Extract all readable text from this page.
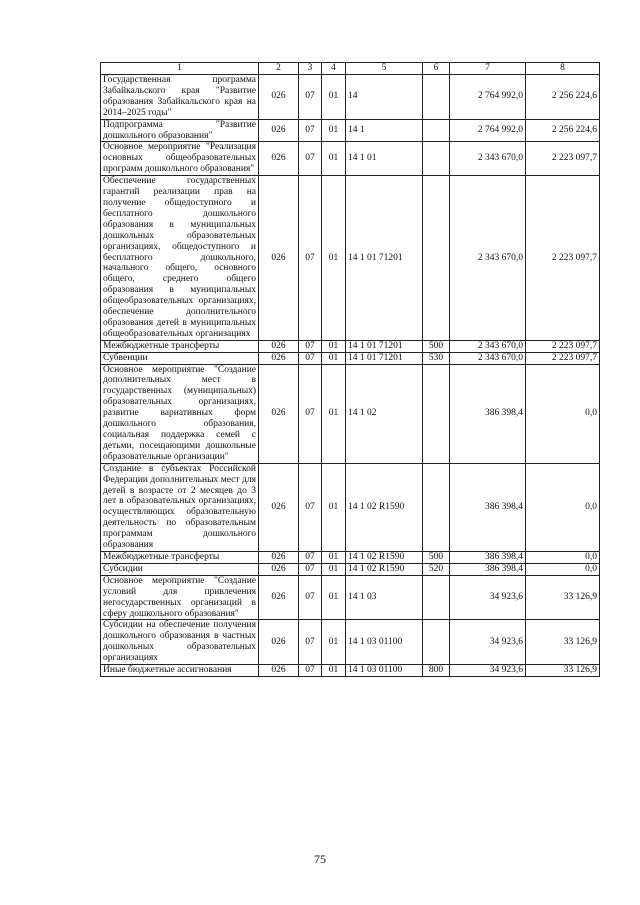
1	2	3	4	5	6	7	8
Государственная программа Забайкальского края "Развитие образования Забайкальского края на 2014–2025 годы"	026	07	01	14		2 764 992,0	2 256 224,6
Подпрограмма "Развитие дошкольного образования"	026	07	01	14 1		2 764 992,0	2 256 224,6
Основное мероприятие "Реализация основных общеобразовательных программ дошкольного образования"	026	07	01	14 1 01		2 343 670,0	2 223 097,7
Обеспечение государственных гарантий реализации прав на получение общедоступного и бесплатного дошкольного образования в муниципальных дошкольных образовательных организациях, общедоступного и бесплатного дошкольного, начального общего, основного общего, среднего общего образования в муниципальных общеобразовательных организациях, обеспечение дополнительного образования детей в муниципальных общеобразовательных организациях	026	07	01	14 1 01 71201		2 343 670,0	2 223 097,7
Межбюджетные трансферты	026	07	01	14 1 01 71201	500	2 343 670,0	2 223 097,7
Субвенции	026	07	01	14 1 01 71201	530	2 343 670,0	2 223 097,7
Основное мероприятие "Создание дополнительных мест в государственных (муниципальных) образовательных организациях, развитие вариативных форм дошкольного образования, социальная поддержка семей с детьми, посещающими дошкольные образовательные организации"	026	07	01	14 1 02		386 398,4	0,0
Создание в субъектах Российской Федерации дополнительных мест для детей в возрасте от 2 месяцев до 3 лет в образовательных организациях, осуществляющих образовательную деятельность по образовательным программам дошкольного образования	026	07	01	14 1 02 R1590		386 398,4	0,0
Межбюджетные трансферты	026	07	01	14 1 02 R1590	500	386 398,4	0,0
Субсидии	026	07	01	14 1 02 R1590	520	386 398,4	0,0
Основное мероприятие "Создание условий для привлечения негосударственных организаций в сферу дошкольного образования"	026	07	01	14 1 03		34 923,6	33 126,9
Субсидии на обеспечение получения дошкольного образования в частных дошкольных образовательных организациях	026	07	01	14 1 03 01100		34 923,6	33 126,9
Иные бюджетные ассигнования	026	07	01	14 1 03 01100	800	34 923,6	33 126,9
75
